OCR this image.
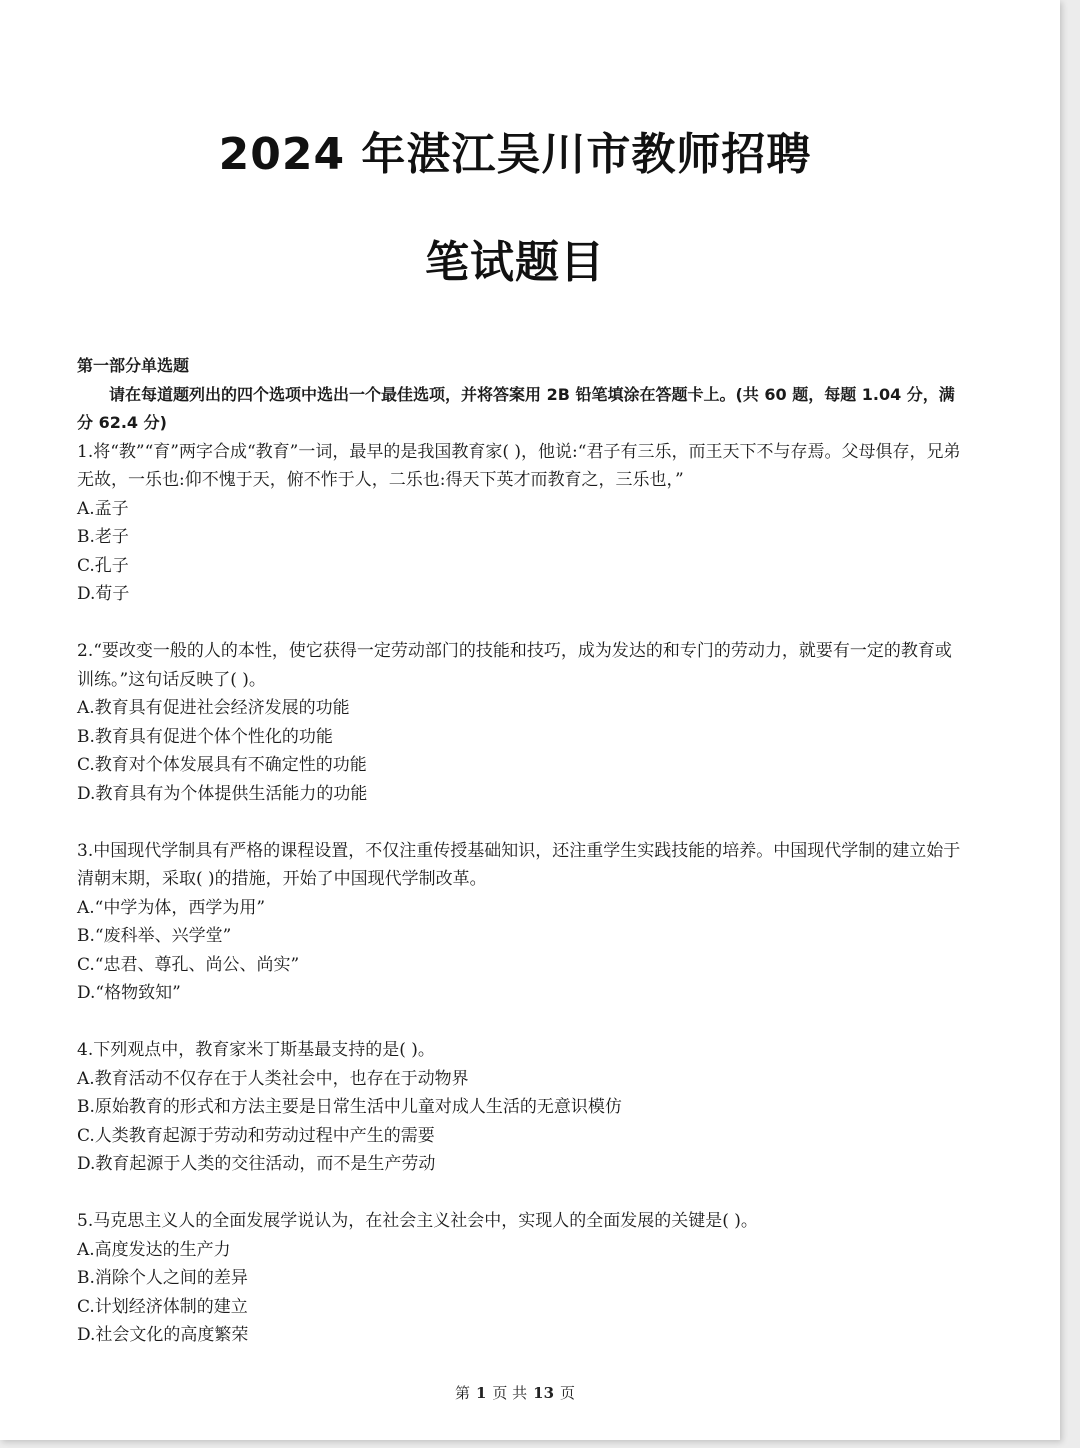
2024 年湛江吴川市教师招聘
笔试题目

第一部分单选题

请在每道题列出的四个选项中选出一个最佳选项，并将答案用 2B 铅笔填涂在答题卡上。(共 60 题，每题 1.04 分，满分 62.4 分)

1.将“教”“育”两字合成“教育”一词，最早的是我国教育家( )，他说:“君子有三乐，而王天下不与存焉。父母俱存，兄弟无故，一乐也:仰不愧于天，俯不怍于人，二乐也:得天下英才而教育之，三乐也，”

A.孟子

B.老子

C.孔子

D.荀子

2.“要改变一般的人的本性，使它获得一定劳动部门的技能和技巧，成为发达的和专门的劳动力，就要有一定的教育或训练。”这句话反映了( )。

A.教育具有促进社会经济发展的功能

B.教育具有促进个体个性化的功能

C.教育对个体发展具有不确定性的功能

D.教育具有为个体提供生活能力的功能

3.中国现代学制具有严格的课程设置，不仅注重传授基础知识，还注重学生实践技能的培养。中国现代学制的建立始于清朝末期，采取( )的措施，开始了中国现代学制改革。

A.“中学为体，西学为用”

B.“废科举、兴学堂”

C.“忠君、尊孔、尚公、尚实”

D.“格物致知”

4.下列观点中，教育家米丁斯基最支持的是( )。

A.教育活动不仅存在于人类社会中，也存在于动物界

B.原始教育的形式和方法主要是日常生活中儿童对成人生活的无意识模仿

C.人类教育起源于劳动和劳动过程中产生的需要

D.教育起源于人类的交往活动，而不是生产劳动

5.马克思主义人的全面发展学说认为，在社会主义社会中，实现人的全面发展的关键是( )。

A.高度发达的生产力

B.消除个人之间的差异

C.计划经济体制的建立

D.社会文化的高度繁荣

第 1 页 共 13 页
